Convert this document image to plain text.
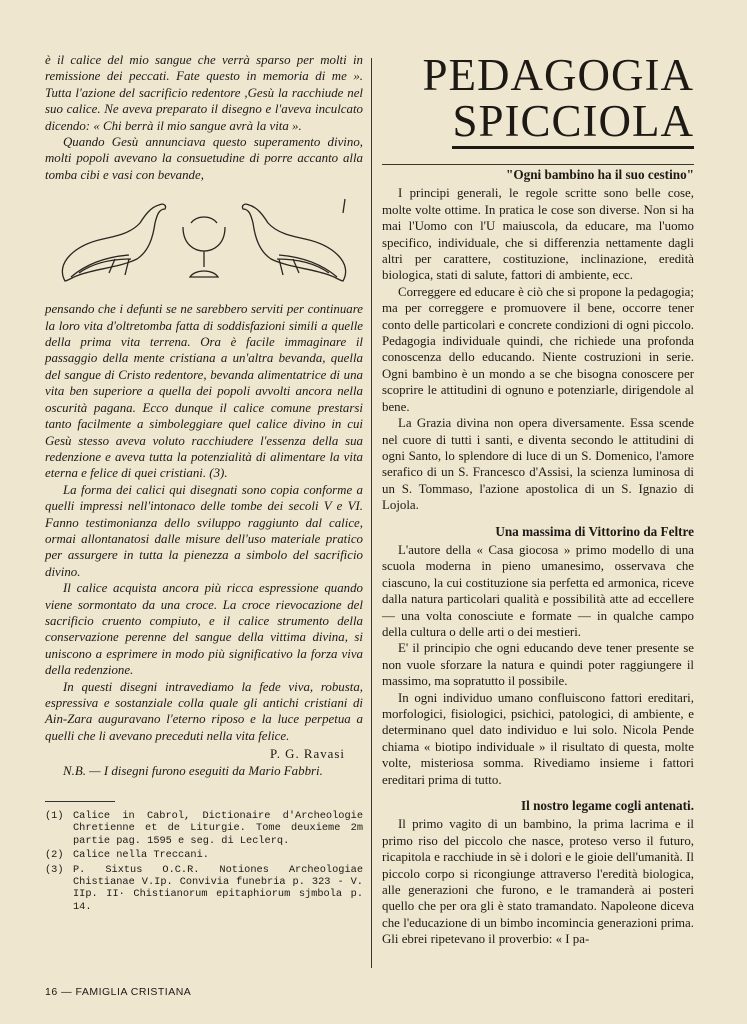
è il calice del mio sangue che verrà sparso per molti in remissione dei peccati. Fate questo in memoria di me ». Tutta l'azione del sacrificio redentore ,Gesù la racchiude nel suo calice. Ne aveva preparato il disegno e l'aveva inculcato dicendo: « Chi berrà il mio sangue avrà la vita ».

Quando Gesù annunciava questo superamento divino, molti popoli avevano la consuetudine di porre accanto alla tomba cibi e vasi con bevande,

pensando che i defunti se ne sarebbero serviti per continuare la loro vita d'oltretomba fatta di soddisfazioni simili a quelle della prima vita terrena. Ora è facile immaginare il passaggio della mente cristiana a un'altra bevanda, quella del sangue di Cristo redentore, bevanda alimentatrice di una vita ben superiore a quella dei popoli avvolti ancora nella oscurità pagana. Ecco dunque il calice comune prestarsi tanto facilmente a simboleggiare quel calice divino in cui Gesù stesso aveva voluto racchiudere l'essenza della sua redenzione e aveva tutta la potenzialità di alimentare la vita eterna e felice di quei cristiani. (3).

La forma dei calici qui disegnati sono copia conforme a quelli impressi nell'intonaco delle tombe dei secoli V e VI. Fanno testimonianza dello sviluppo raggiunto dal calice, ormai allontanatosi dalle misure dell'uso materiale pratico per assurgere in tutta la pienezza a simbolo del sacrificio divino.

Il calice acquista ancora più ricca espressione quando viene sormontato da una croce. La croce rievocazione del sacrificio cruento compiuto, e il calice strumento della conservazione perenne del sangue della vittima divina, si uniscono a esprimere in modo più significativo la forza viva della redenzione.

In questi disegni intravediamo la fede viva, robusta, espressiva e sostanziale colla quale gli antichi cristiani di Ain-Zara auguravano l'eterno riposo e la luce perpetua a quelli che li avevano preceduti nella vita felice.

P. G. Ravasi

N.B. — I disegni furono eseguiti da Mario Fabbri.

(1) Calice in Cabrol, Dictionaire d'Archeologie Chretienne et de Liturgie. Tome deuxieme 2m partie pag. 1595 e seg. di Leclerq.
(2) Calice nella Treccani.
(3) P. Sixtus O.C.R. Notiones Archeologiae Chistianae V.Ip. Convivia funebria p. 323 - V. IIp. II· Chistianorum epitaphiorum sjmbola p. 14.
PEDAGOGIA
SPICCIOLA
"Ogni bambino ha il suo cestino"

I principi generali, le regole scritte sono belle cose, molte volte ottime. In pratica le cose son diverse. Non si ha mai l'Uomo con l'U maiuscola, da educare, ma l'uomo specifico, individuale, che si differenzia nettamente dagli altri per carattere, costituzione, inclinazione, eredità biologica, stati di salute, fattori di ambiente, ecc.

Correggere ed educare è ciò che si propone la pedagogia; ma per correggere e promuovere il bene, occorre tener conto delle particolari e concrete condizioni di ogni piccolo. Pedagogia individuale quindi, che richiede una profonda conoscenza dello educando. Niente costruzioni in serie. Ogni bambino è un mondo a se che bisogna conoscere per scoprire le attitudini di ognuno e potenziarle, dirigendole al bene.

La Grazia divina non opera diversamente. Essa scende nel cuore di tutti i santi, e diventa secondo le attitudini di ogni Santo, lo splendore di luce di un S. Domenico, l'amore serafico di un S. Francesco d'Assisi, la scienza luminosa di un S. Tommaso, l'azione apostolica di un S. Ignazio di Lojola.

Una massima di Vittorino da Feltre

L'autore della « Casa giocosa » primo modello di una scuola moderna in pieno umanesimo, osservava che ciascuno, la cui costituzione sia perfetta ed armonica, riceve dalla natura particolari qualità e possibilità atte ad eccellere — una volta conosciute e formate — in qualche campo della cultura o delle arti o dei mestieri.

E' il principio che ogni educando deve tener presente se non vuole sforzare la natura e quindi poter raggiungere il massimo, ma sopratutto il possibile.

In ogni individuo umano confluiscono fattori ereditari, morfologici, fisiologici, psichici, patologici, di ambiente, e determinano quel dato individuo e lui solo. Nicola Pende chiama « biotipo individuale » il risultato di questa, molte volte, misteriosa somma. Rivediamo insieme i fattori ereditari prima di tutto.

Il nostro legame cogli antenati.

Il primo vagito di un bambino, la prima lacrima e il primo riso del piccolo che nasce, proteso verso il futuro, ricapitola e racchiude in sè i dolori e le gioie dell'umanità. Il piccolo corpo si ricongiunge attraverso l'eredità biologica, alle generazioni che furono, e le tramanderà ai posteri quello che per ora gli è stato tramandato. Napoleone diceva che l'educazione di un bimbo incomincia generazioni prima. Gli ebrei ripetevano il proverbio: « I pa-

16 — FAMIGLIA CRISTIANA
